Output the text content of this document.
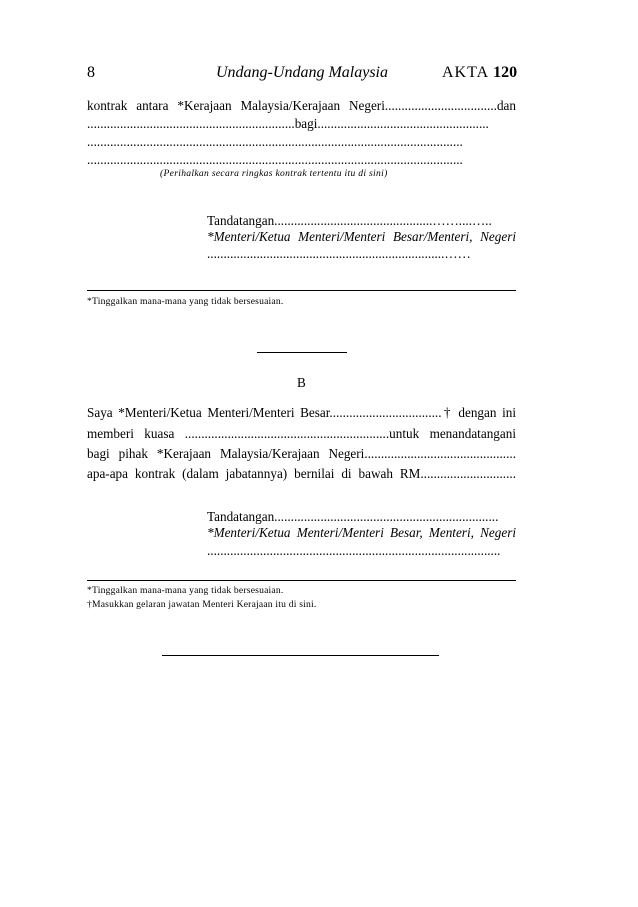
8	Undang-Undang Malaysia	AKTA 120
kontrak antara *Kerajaan Malaysia/Kerajaan Negeri..................................dan
...............................................................bagi....................................................
..................................................................................................................
..................................................................................................................
(Perihalkan secara ringkas kontrak tertentu itu di sini)
Tandatangan................................................……....…..
*Menteri/Ketua Menteri/Menteri Besar/Menteri, Negeri
........................................................................……
*Tinggalkan mana-mana yang tidak bersesuaian.
B
Saya *Menteri/Ketua Menteri/Menteri Besar..................................† dengan ini
memberi kuasa ..............................................................untuk menandatangani
bagi pihak *Kerajaan Malaysia/Kerajaan Negeri..............................................
apa-apa kontrak (dalam jabatannya) bernilai di bawah RM.............................
Tandatangan....................................................................
*Menteri/Ketua Menteri/Menteri Besar, Menteri, Negeri
.........................................................................................
*Tinggalkan mana-mana yang tidak bersesuaian.
†Masukkan gelaran jawatan Menteri Kerajaan itu di sini.
